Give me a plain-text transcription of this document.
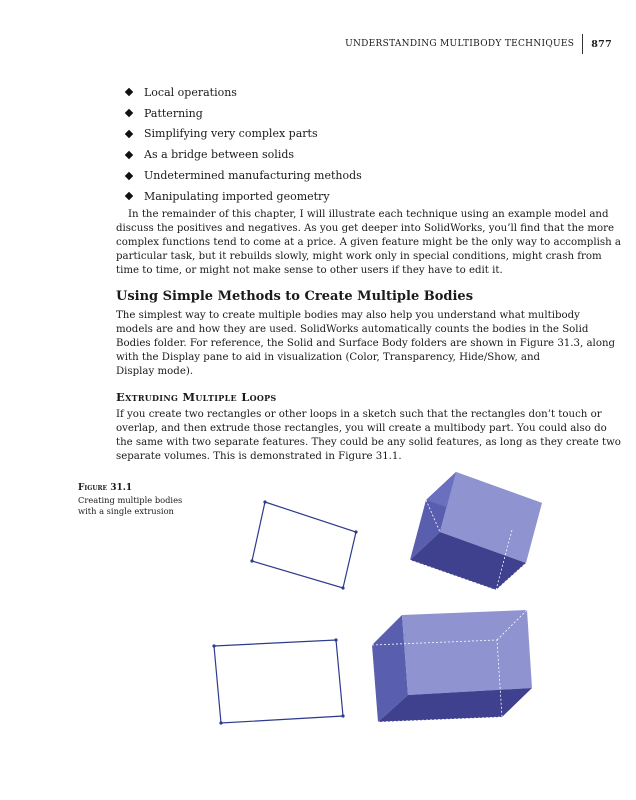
UNDERSTANDING MULTIBODY TECHNIQUES 877
Local operations
Patterning
Simplifying very complex parts
As a bridge between solids
Undetermined manufacturing methods
Manipulating imported geometry

In the remainder of this chapter, I will illustrate each technique using an example model and
discuss the positives and negatives. As you get deeper into SolidWorks, you’ll find that the more
complex functions tend to come at a price. A given feature might be the only way to accomplish a
particular task, but it rebuilds slowly, might work only in special conditions, might crash from
time to time, or might not make sense to other users if they have to edit it.

Using Simple Methods to Create Multiple Bodies

The simplest way to create multiple bodies may also help you understand what multibody
models are and how they are used. SolidWorks automatically counts the bodies in the Solid
Bodies folder. For reference, the Solid and Surface Body folders are shown in Figure 31.3, along
with the Display pane to aid in visualization (Color, Transparency, Hide/Show, and
Display mode).

Extruding Multiple Loops

If you create two rectangles or other loops in a sketch such that the rectangles don’t touch or
overlap, and then extrude those rectangles, you will create a multibody part. You could also do
the same with two separate features. They could be any solid features, as long as they create two
separate volumes. This is demonstrated in Figure 31.1.

Figure 31.1
Creating multiple bodies
with a single extrusion
